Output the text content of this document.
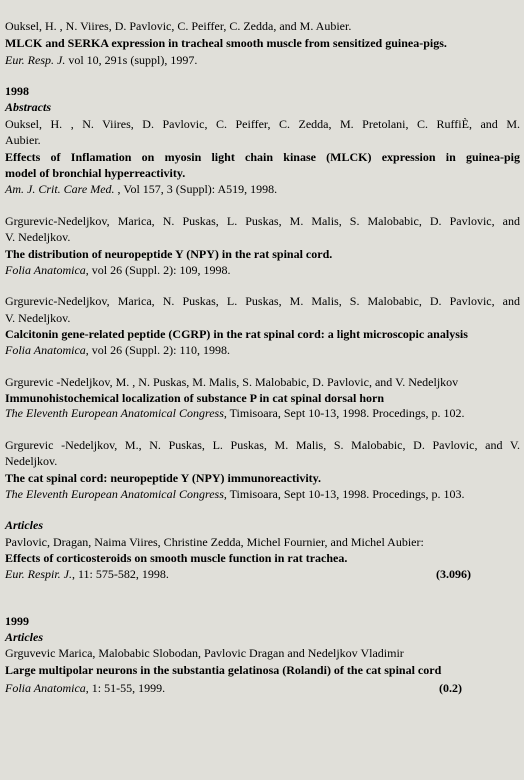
Ouksel, H. , N. Viires, D. Pavlovic, C. Peiffer, C. Zedda, and M. Aubier.
MLCK and SERKA expression in tracheal smooth muscle from sensitized guinea-pigs.
Eur. Resp. J. vol 10, 291s (suppl), 1997.
1998
Abstracts
Ouksel, H. , N. Viires, D. Pavlovic, C. Peiffer, C. Zedda, M. Pretolani, C. RuffiÈ, and M.
Aubier.
Effects of Inflamation on myosin light chain kinase (MLCK) expression in guinea-pig
model of bronchial hyperreactivity.
Am. J. Crit. Care Med. , Vol 157, 3 (Suppl): A519, 1998.
Grgurevic-Nedeljkov, Marica, N. Puskas, L. Puskas, M. Malis, S. Malobabic, D. Pavlovic, and
V. Nedeljkov.
The distribution of neuropeptide Y (NPY) in the rat spinal cord.
Folia Anatomica, vol 26 (Suppl. 2): 109, 1998.
Grgurevic-Nedeljkov, Marica, N. Puskas, L. Puskas, M. Malis, S. Malobabic, D. Pavlovic, and
V. Nedeljkov.
Calcitonin gene-related peptide (CGRP) in the rat spinal cord: a light microscopic analysis
Folia Anatomica, vol 26 (Suppl. 2): 110, 1998.
Grgurevic -Nedeljkov, M. , N. Puskas, M. Malis, S. Malobabic, D. Pavlovic, and V. Nedeljkov
Immunohistochemical localization of substance P in cat spinal dorsal horn
The Eleventh European Anatomical Congress, Timisoara, Sept 10-13, 1998. Procedings, p. 102.
Grgurevic -Nedeljkov, M., N. Puskas, L. Puskas, M. Malis, S. Malobabic, D. Pavlovic, and V.
Nedeljkov.
The cat spinal cord: neuropeptide Y (NPY) immunoreactivity.
The Eleventh European Anatomical Congress, Timisoara, Sept 10-13, 1998. Procedings, p. 103.
Articles
Pavlovic, Dragan, Naima Viires, Christine Zedda, Michel Fournier, and Michel Aubier:
Effects of corticosteroids on smooth muscle function in rat trachea.
Eur. Respir. J., 11: 575-582, 1998.	(3.096)
1999
Articles
Grguvevic Marica, Malobabic Slobodan, Pavlovic Dragan and Nedeljkov Vladimir
Large multipolar neurons in the substantia gelatinosa (Rolandi) of the cat spinal cord
Folia Anatomica, 1: 51-55, 1999.	(0.2)
